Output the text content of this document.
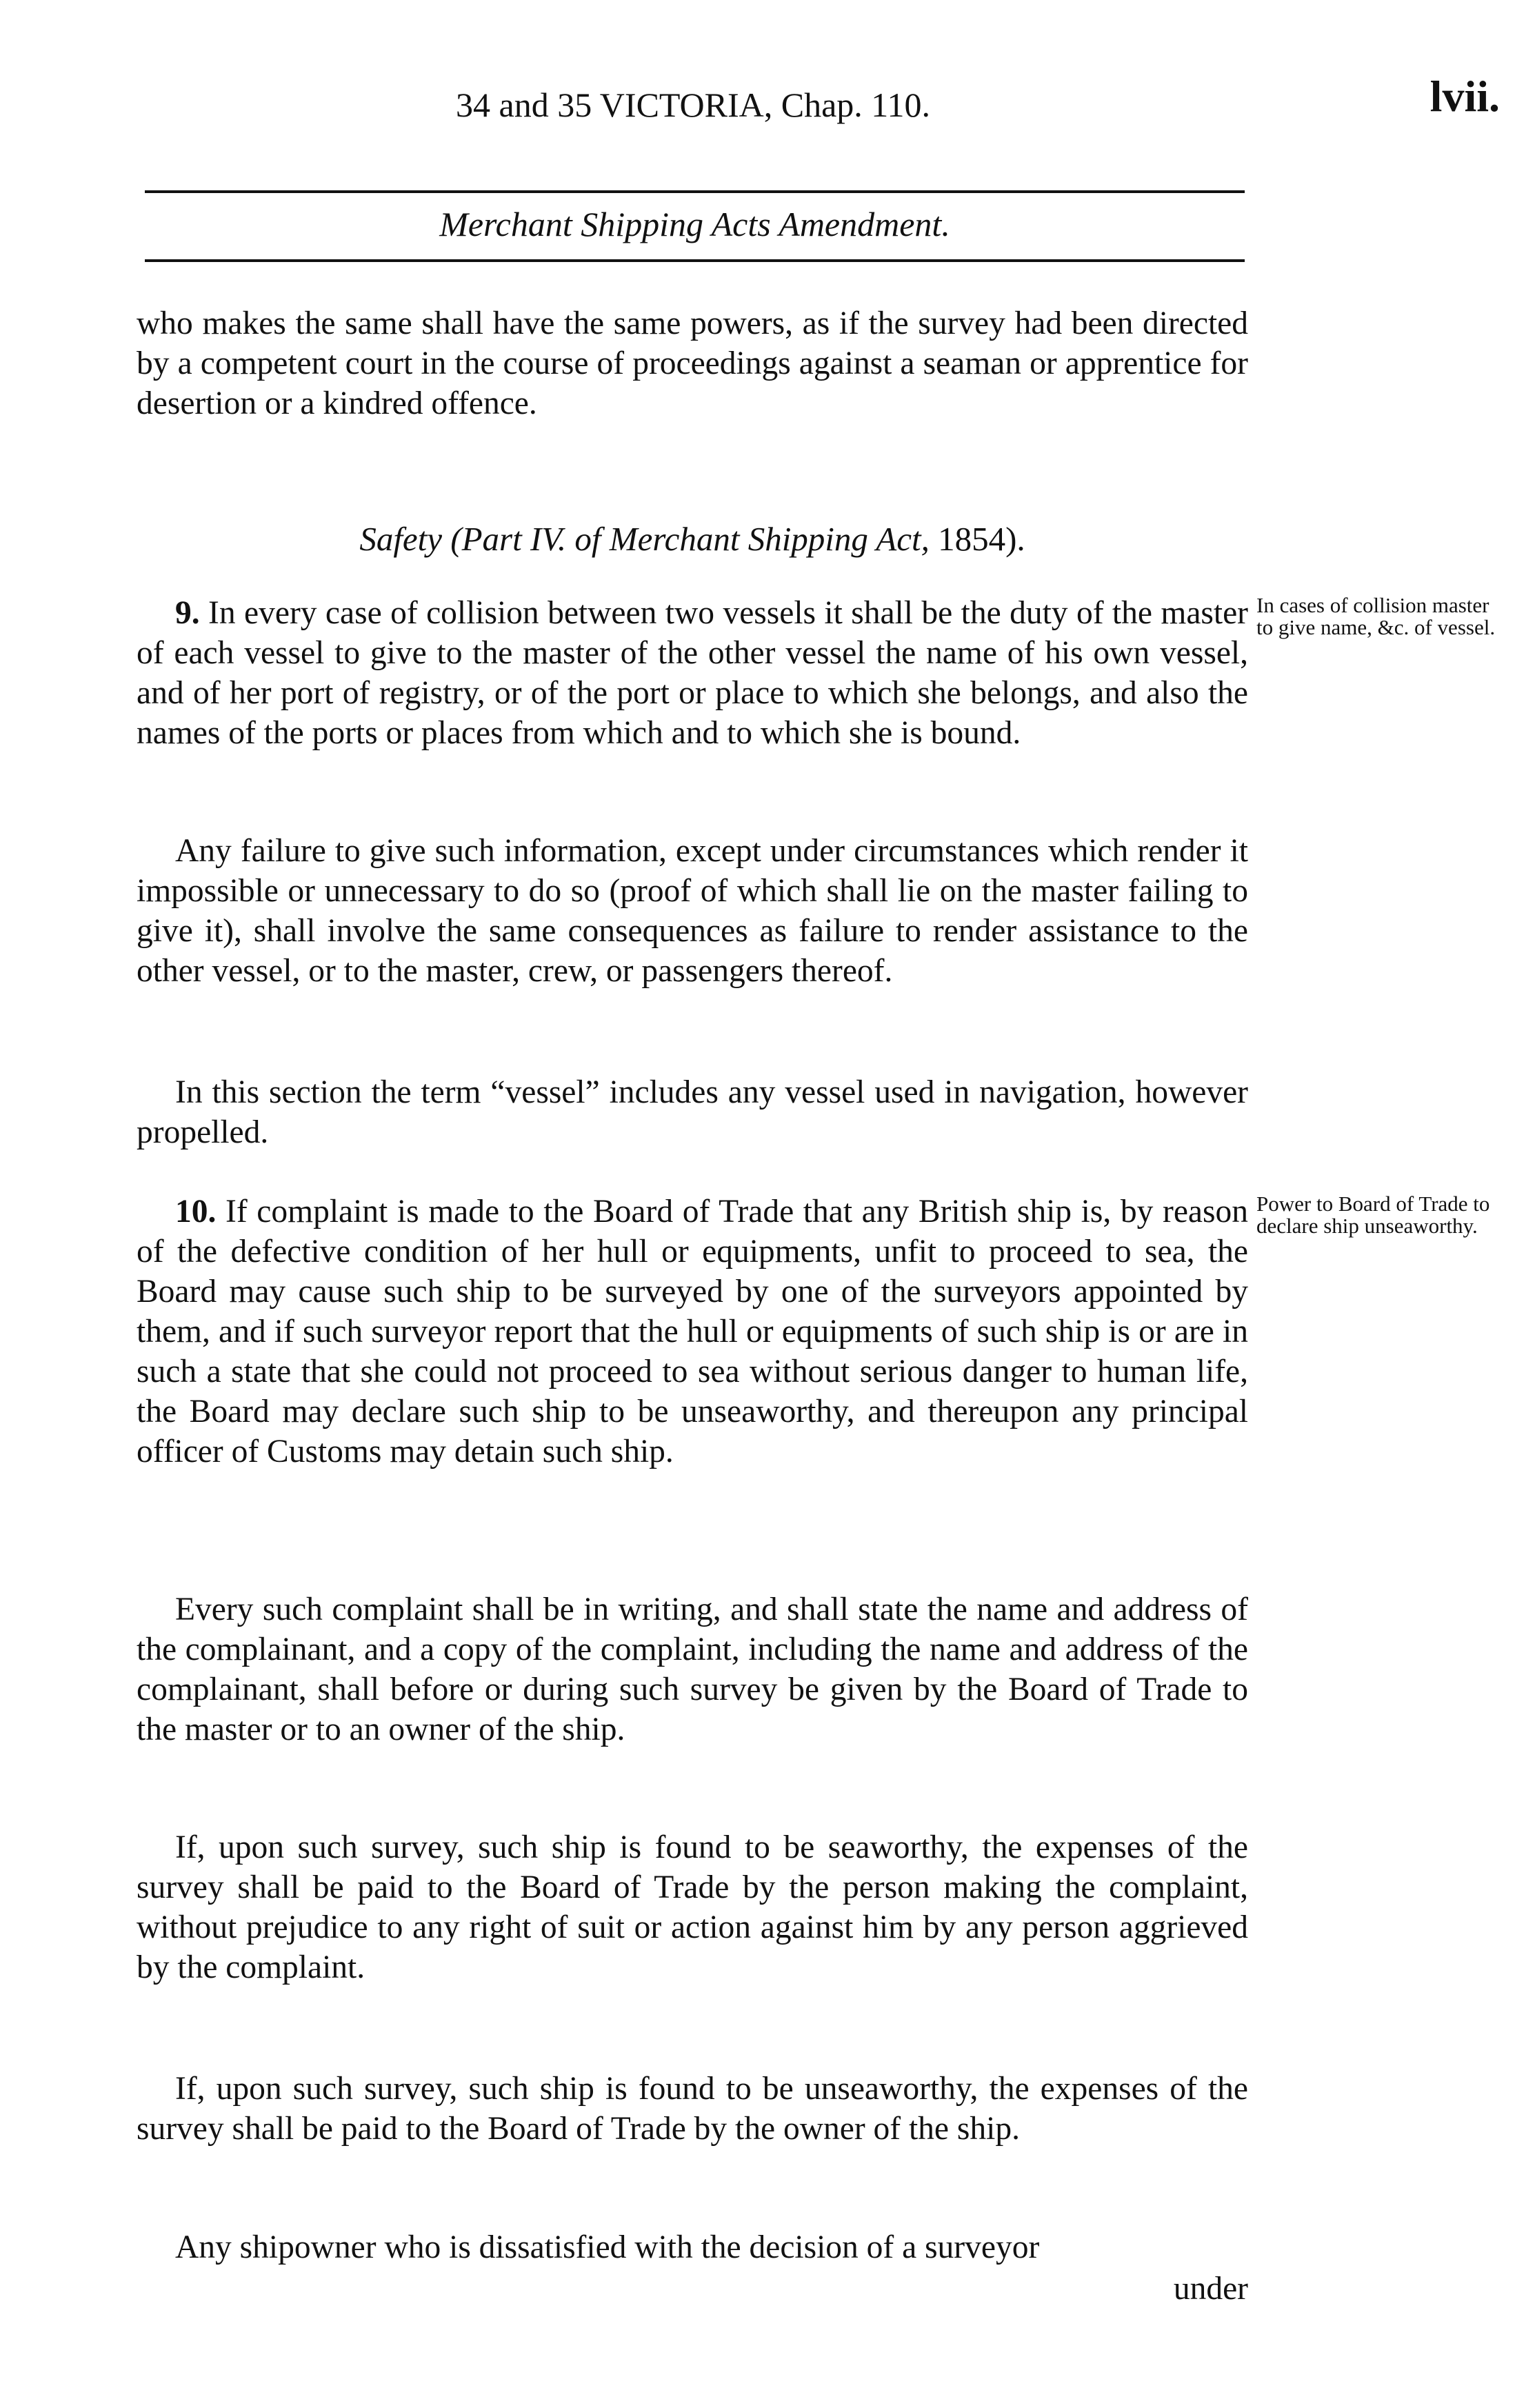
34 and 35 VICTORIA, Chap. 110.	lvii.
Merchant Shipping Acts Amendment.

who makes the same shall have the same powers, as if the survey had been directed by a competent court in the course of proceedings against a seaman or apprentice for desertion or a kindred offence.

Safety (Part IV. of Merchant Shipping Act, 1854).

9. In every case of collision between two vessels it shall be the duty of the master of each vessel to give to the master of the other vessel the name of his own vessel, and of her port of registry, or of the port or place to which she belongs, and also the names of the ports or places from which and to which she is bound.

Any failure to give such information, except under circumstances which render it impossible or unnecessary to do so (proof of which shall lie on the master failing to give it), shall involve the same consequences as failure to render assistance to the other vessel, or to the master, crew, or passengers thereof.

In this section the term “vessel” includes any vessel used in navigation, however propelled.

10. If complaint is made to the Board of Trade that any British ship is, by reason of the defective condition of her hull or equipments, unfit to proceed to sea, the Board may cause such ship to be surveyed by one of the surveyors appointed by them, and if such surveyor report that the hull or equipments of such ship is or are in such a state that she could not proceed to sea without serious danger to human life, the Board may declare such ship to be unseaworthy, and thereupon any principal officer of Customs may detain such ship.

Every such complaint shall be in writing, and shall state the name and address of the complainant, and a copy of the complaint, including the name and address of the complainant, shall before or during such survey be given by the Board of Trade to the master or to an owner of the ship.

If, upon such survey, such ship is found to be seaworthy, the expenses of the survey shall be paid to the Board of Trade by the person making the complaint, without prejudice to any right of suit or action against him by any person aggrieved by the complaint.

If, upon such survey, such ship is found to be unseaworthy, the expenses of the survey shall be paid to the Board of Trade by the owner of the ship.

Any shipowner who is dissatisfied with the decision of a surveyor

under

In cases of collision master to give name, &c. of vessel.
Power to Board of Trade to declare ship unseaworthy.
